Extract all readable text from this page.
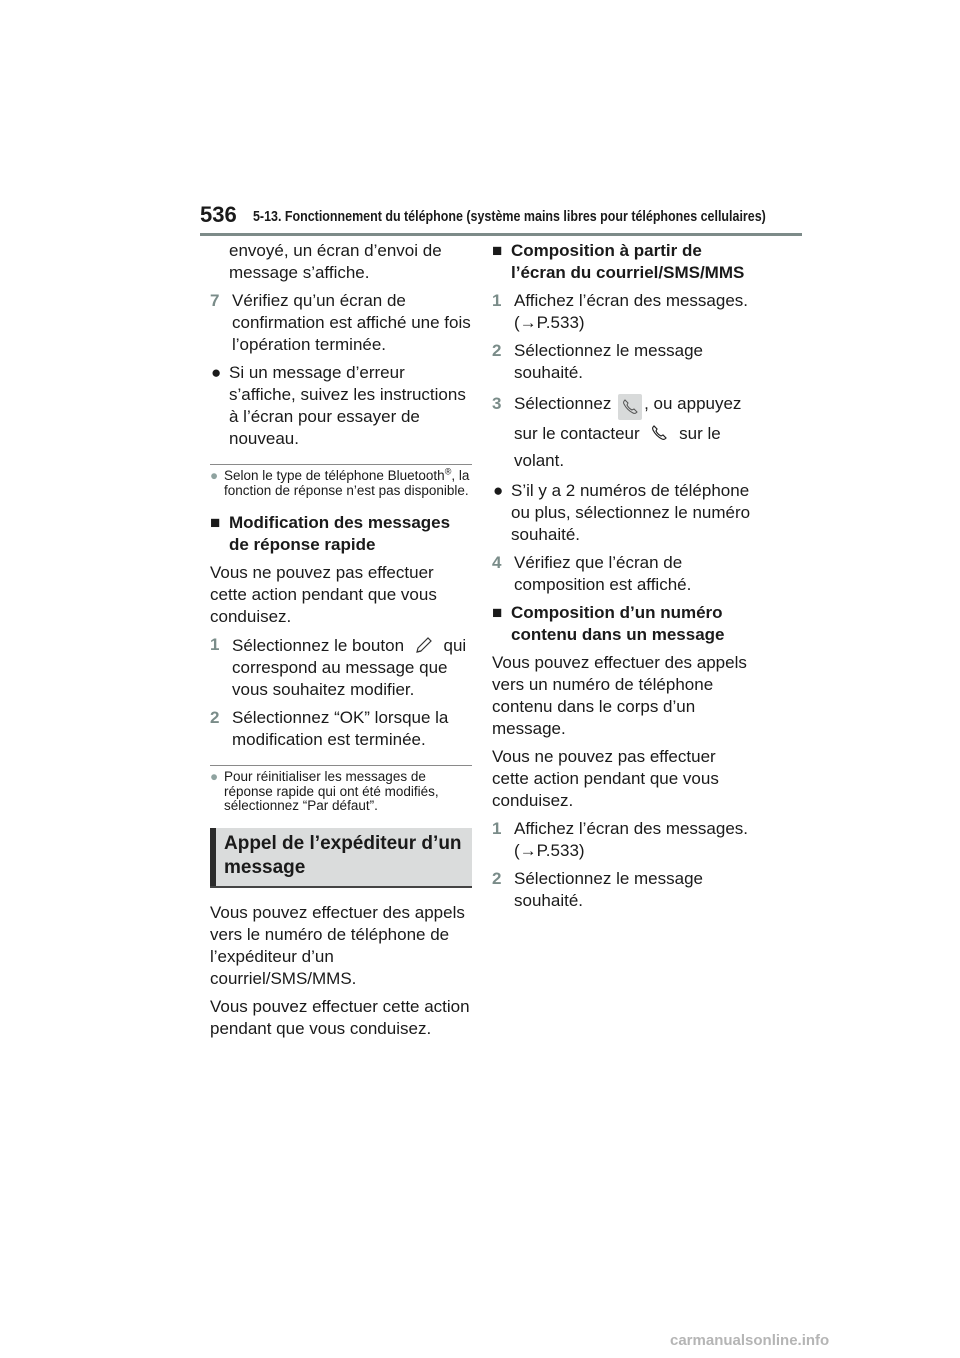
536 5-13. Fonctionnement du téléphone (système mains libres pour téléphones cellulaires)

envoyé, un écran d’envoi de
message s’affiche.

7 Vérifiez qu’un écran de confirmation est affiché une fois l’opération terminée.
● Si un message d’erreur s’affiche, suivez les instructions à l’écran pour essayer de nouveau.
● Selon le type de téléphone Bluetooth®, la fonction de réponse n’est pas disponible.
■ Modification des messages de réponse rapide

Vous ne pouvez pas effectuer cette action pendant que vous conduisez.

1 Sélectionnez le bouton qui correspond au message que vous souhaitez modifier.
2 Sélectionnez “OK” lorsque la modification est terminée.
● Pour réinitialiser les messages de réponse rapide qui ont été modifiés, sélectionnez “Par défaut”.
Appel de l’expéditeur d’un message

Vous pouvez effectuer des appels vers le numéro de téléphone de l’expéditeur d’un courriel/SMS/MMS.

Vous pouvez effectuer cette action pendant que vous conduisez.

■ Composition à partir de l’écran du courriel/SMS/MMS
1 Affichez l’écran des messages. (→P.533)
2 Sélectionnez le message souhaité.
3 Sélectionnez , ou appuyez
sur le contacteur sur le volant.
● S’il y a 2 numéros de téléphone ou plus, sélectionnez le numéro souhaité.
4 Vérifiez que l’écran de composition est affiché.
■ Composition d’un numéro contenu dans un message

Vous pouvez effectuer des appels vers un numéro de téléphone contenu dans le corps d’un message.

Vous ne pouvez pas effectuer cette action pendant que vous conduisez.

1 Affichez l’écran des messages. (→P.533)
2 Sélectionnez le message souhaité.
carmanualsonline.info
